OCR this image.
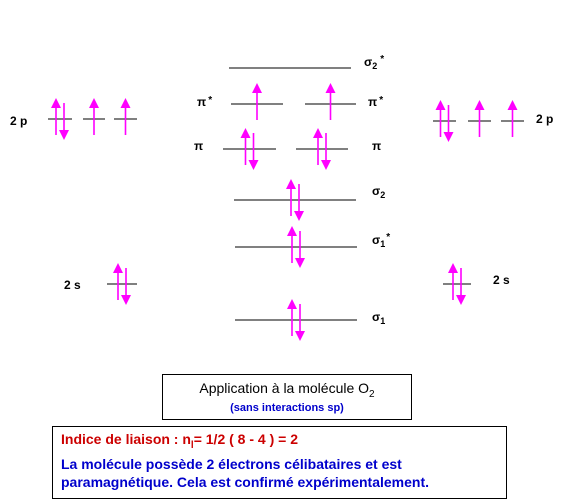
2 p	2 p
2 s	2 s
$\sigma_2^*$
π *	π *
π	π
$\sigma_2$
$\sigma_1^*$
$\sigma_1$
Application à la molécule $O_2$
(sans interactions sp)
Indice de liaison : $n_l= 1/2$ ( 8 - 4 ) = 2
La molécule possède 2 électrons célibataires et est
paramagnétique. Cela est confirmé expérimentalement.
